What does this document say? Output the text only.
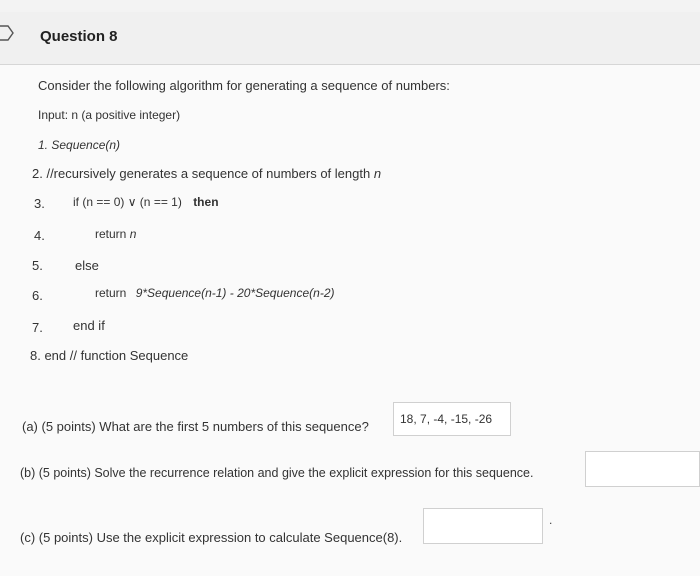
Question 8
Consider the following algorithm for generating a sequence of numbers:
Input: n (a positive integer)
1. Sequence(n)
2. //recursively generates a sequence of numbers of length n
3. if (n == 0) ∨ (n == 1) then
4.	return n
5. else
6.	return 9*Sequence(n-1) - 20*Sequence(n-2)
7. end if
8. end // function Sequence
(a) (5 points) What are the first 5 numbers of this sequence?	18, 7, -4, -15, -26
(b) (5 points) Solve the recurrence relation and give the explicit expression for this sequence.
(c) (5 points) Use the explicit expression to calculate Sequence(8).
.
